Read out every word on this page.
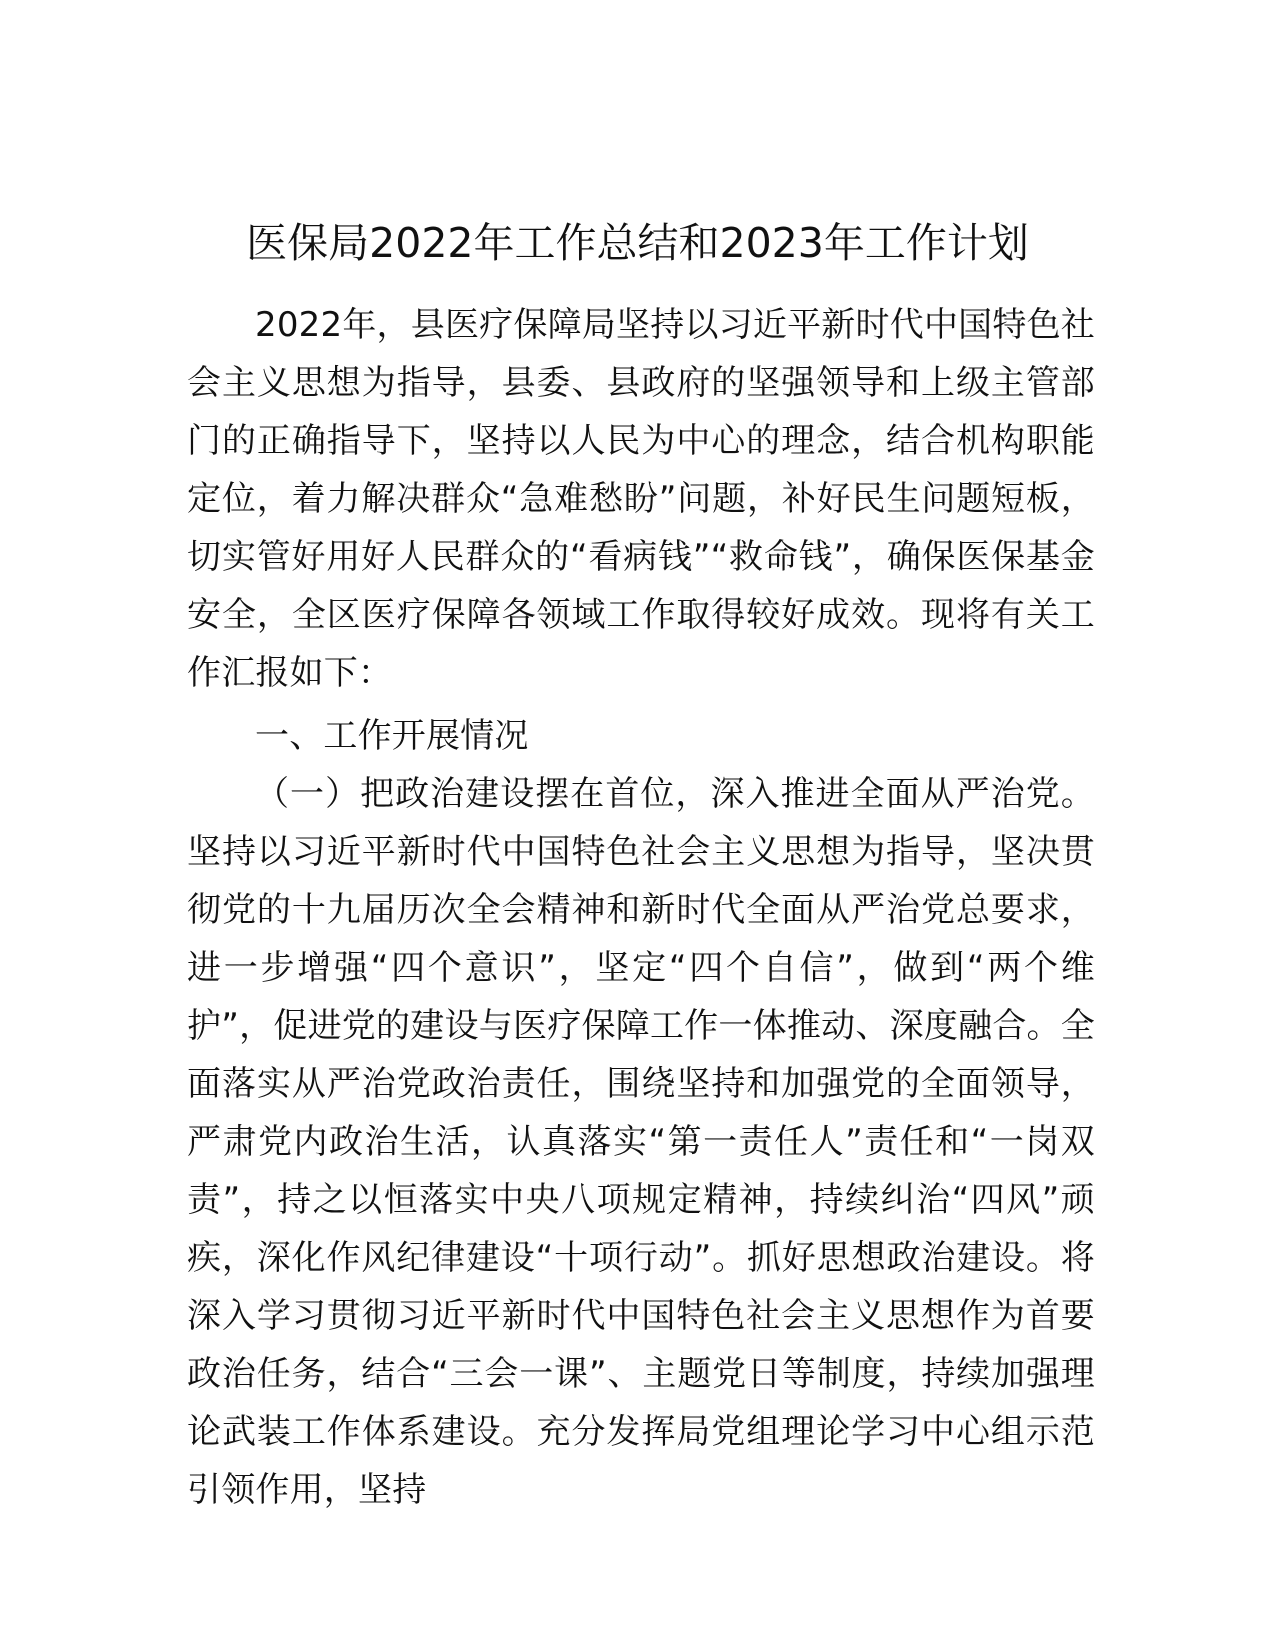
医保局2022年工作总结和2023年工作计划

2022年，县医疗保障局坚持以习近平新时代中国特色社会主义思想为指导，县委、县政府的坚强领导和上级主管部门的正确指导下，坚持以人民为中心的理念，结合机构职能定位，着力解决群众“急难愁盼”问题，补好民生问题短板，切实管好用好人民群众的“看病钱”“救命钱”，确保医保基金安全，全区医疗保障各领域工作取得较好成效。现将有关工作汇报如下：

一、工作开展情况

（一）把政治建设摆在首位，深入推进全面从严治党。坚持以习近平新时代中国特色社会主义思想为指导，坚决贯彻党的十九届历次全会精神和新时代全面从严治党总要求，进一步增强“四个意识”，坚定“四个自信”，做到“两个维护”，促进党的建设与医疗保障工作一体推动、深度融合。全面落实从严治党政治责任，围绕坚持和加强党的全面领导，严肃党内政治生活，认真落实“第一责任人”责任和“一岗双责”，持之以恒落实中央八项规定精神，持续纠治“四风”顽疾，深化作风纪律建设“十项行动”。抓好思想政治建设。将深入学习贯彻习近平新时代中国特色社会主义思想作为首要政治任务，结合“三会一课”、主题党日等制度，持续加强理论武装工作体系建设。充分发挥局党组理论学习中心组示范引领作用，坚持
